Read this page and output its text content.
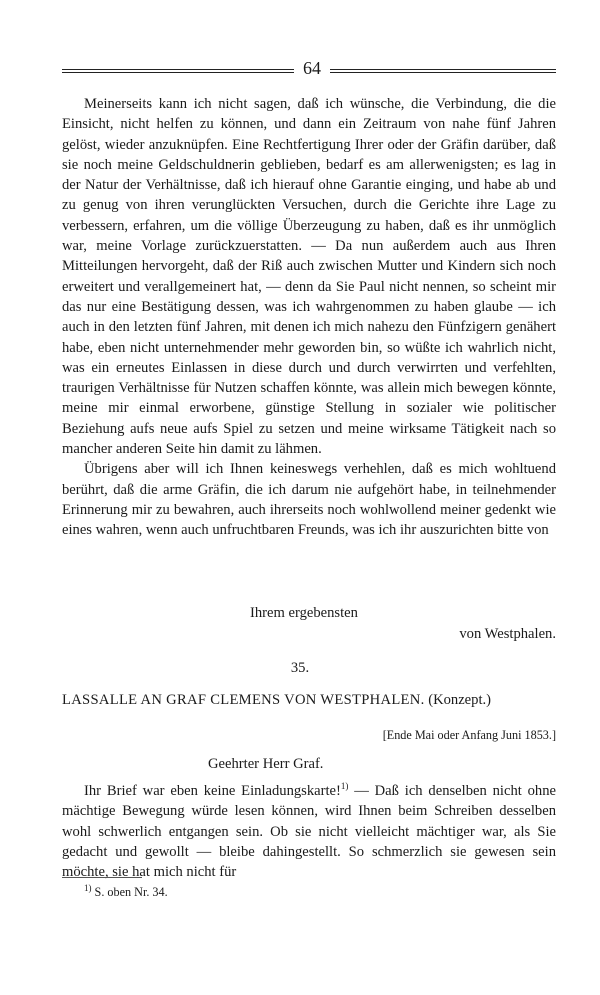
64

Meinerseits kann ich nicht sagen, daß ich wünsche, die Verbindung, die die Einsicht, nicht helfen zu können, und dann ein Zeitraum von nahe fünf Jahren gelöst, wieder anzuknüpfen. Eine Rechtfertigung Ihrer oder der Gräfin darüber, daß sie noch meine Geldschuldnerin geblieben, bedarf es am allerwenigsten; es lag in der Natur der Verhältnisse, daß ich hierauf ohne Garantie einging, und habe ab und zu genug von ihren verunglückten Versuchen, durch die Gerichte ihre Lage zu verbessern, erfahren, um die völlige Überzeugung zu haben, daß es ihr unmöglich war, meine Vorlage zurückzuerstatten. — Da nun außerdem auch aus Ihren Mitteilungen hervorgeht, daß der Riß auch zwischen Mutter und Kindern sich noch erweitert und verallgemeinert hat, — denn da Sie Paul nicht nennen, so scheint mir das nur eine Bestätigung dessen, was ich wahrgenommen zu haben glaube — ich auch in den letzten fünf Jahren, mit denen ich mich nahezu den Fünfzigern genähert habe, eben nicht unternehmender mehr geworden bin, so wüßte ich wahrlich nicht, was ein erneutes Einlassen in diese durch und durch verwirrten und verfehlten, traurigen Verhältnisse für Nutzen schaffen könnte, was allein mich bewegen könnte, meine mir einmal erworbene, günstige Stellung in sozialer wie politischer Beziehung aufs neue aufs Spiel zu setzen und meine wirksame Tätigkeit nach so mancher anderen Seite hin damit zu lähmen.

Übrigens aber will ich Ihnen keineswegs verhehlen, daß es mich wohltuend berührt, daß die arme Gräfin, die ich darum nie aufgehört habe, in teilnehmender Erinnerung mir zu bewahren, auch ihrerseits noch wohlwollend meiner gedenkt wie eines wahren, wenn auch unfruchtbaren Freunds, was ich ihr auszurichten bitte von

Ihrem ergebensten
von Westphalen.
35.
LASSALLE AN GRAF CLEMENS VON WESTPHALEN. (Konzept.)
[Ende Mai oder Anfang Juni 1853.]
Geehrter Herr Graf.

Ihr Brief war eben keine Einladungskarte!$^{1)}$ — Daß ich denselben nicht ohne mächtige Bewegung würde lesen können, wird Ihnen beim Schreiben desselben wohl schwerlich entgangen sein. Ob sie nicht vielleicht mächtiger war, als Sie gedacht und gewollt — bleibe dahingestellt. So schmerzlich sie gewesen sein möchte, sie hat mich nicht für

$^{1)}$ S. oben Nr. 34.
